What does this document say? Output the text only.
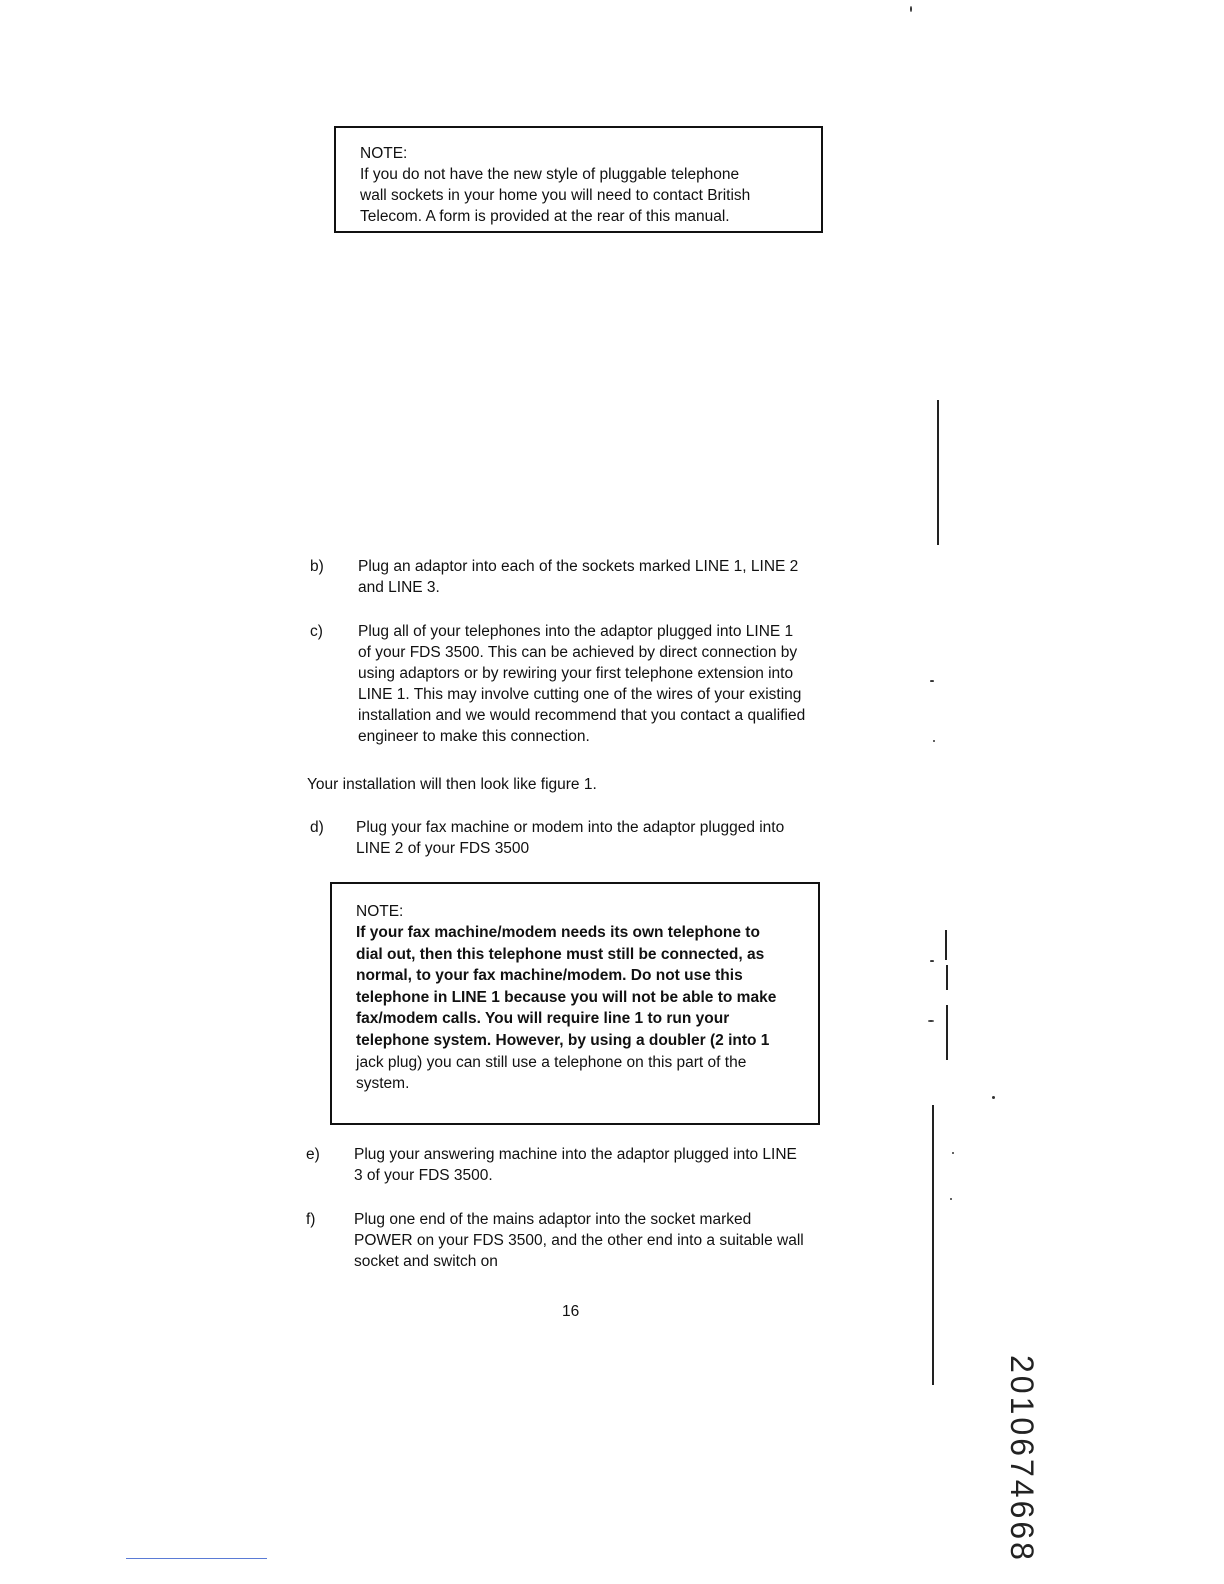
NOTE:

If you do not have the new style of pluggable telephone

wall sockets in your home you will need to contact British

Telecom. A form is provided at the rear of this manual.

b) Plug an adaptor into each of the sockets marked LINE 1, LINE 2
and LINE 3.
c) Plug all of your telephones into the adaptor plugged into LINE 1
of your FDS 3500. This can be achieved by direct connection by
using adaptors or by rewiring your first telephone extension into
LINE 1. This may involve cutting one of the wires of your existing
installation and we would recommend that you contact a qualified
engineer to make this connection.
Your installation will then look like figure 1.
d) Plug your fax machine or modem into the adaptor plugged into
LINE 2 of your FDS 3500

NOTE:

If your fax machine/modem needs its own telephone to

dial out, then this telephone must still be connected, as

normal, to your fax machine/modem. Do not use this

telephone in LINE 1 because you will not be able to make

fax/modem calls. You will require line 1 to run your

telephone system. However, by using a doubler (2 into 1

jack plug) you can still use a telephone on this part of the

system.

e) Plug your answering machine into the adaptor plugged into LINE
3 of your FDS 3500.
f) Plug one end of the mains adaptor into the socket marked
POWER on your FDS 3500, and the other end into a suitable wall
socket and switch on
16
2010674668
